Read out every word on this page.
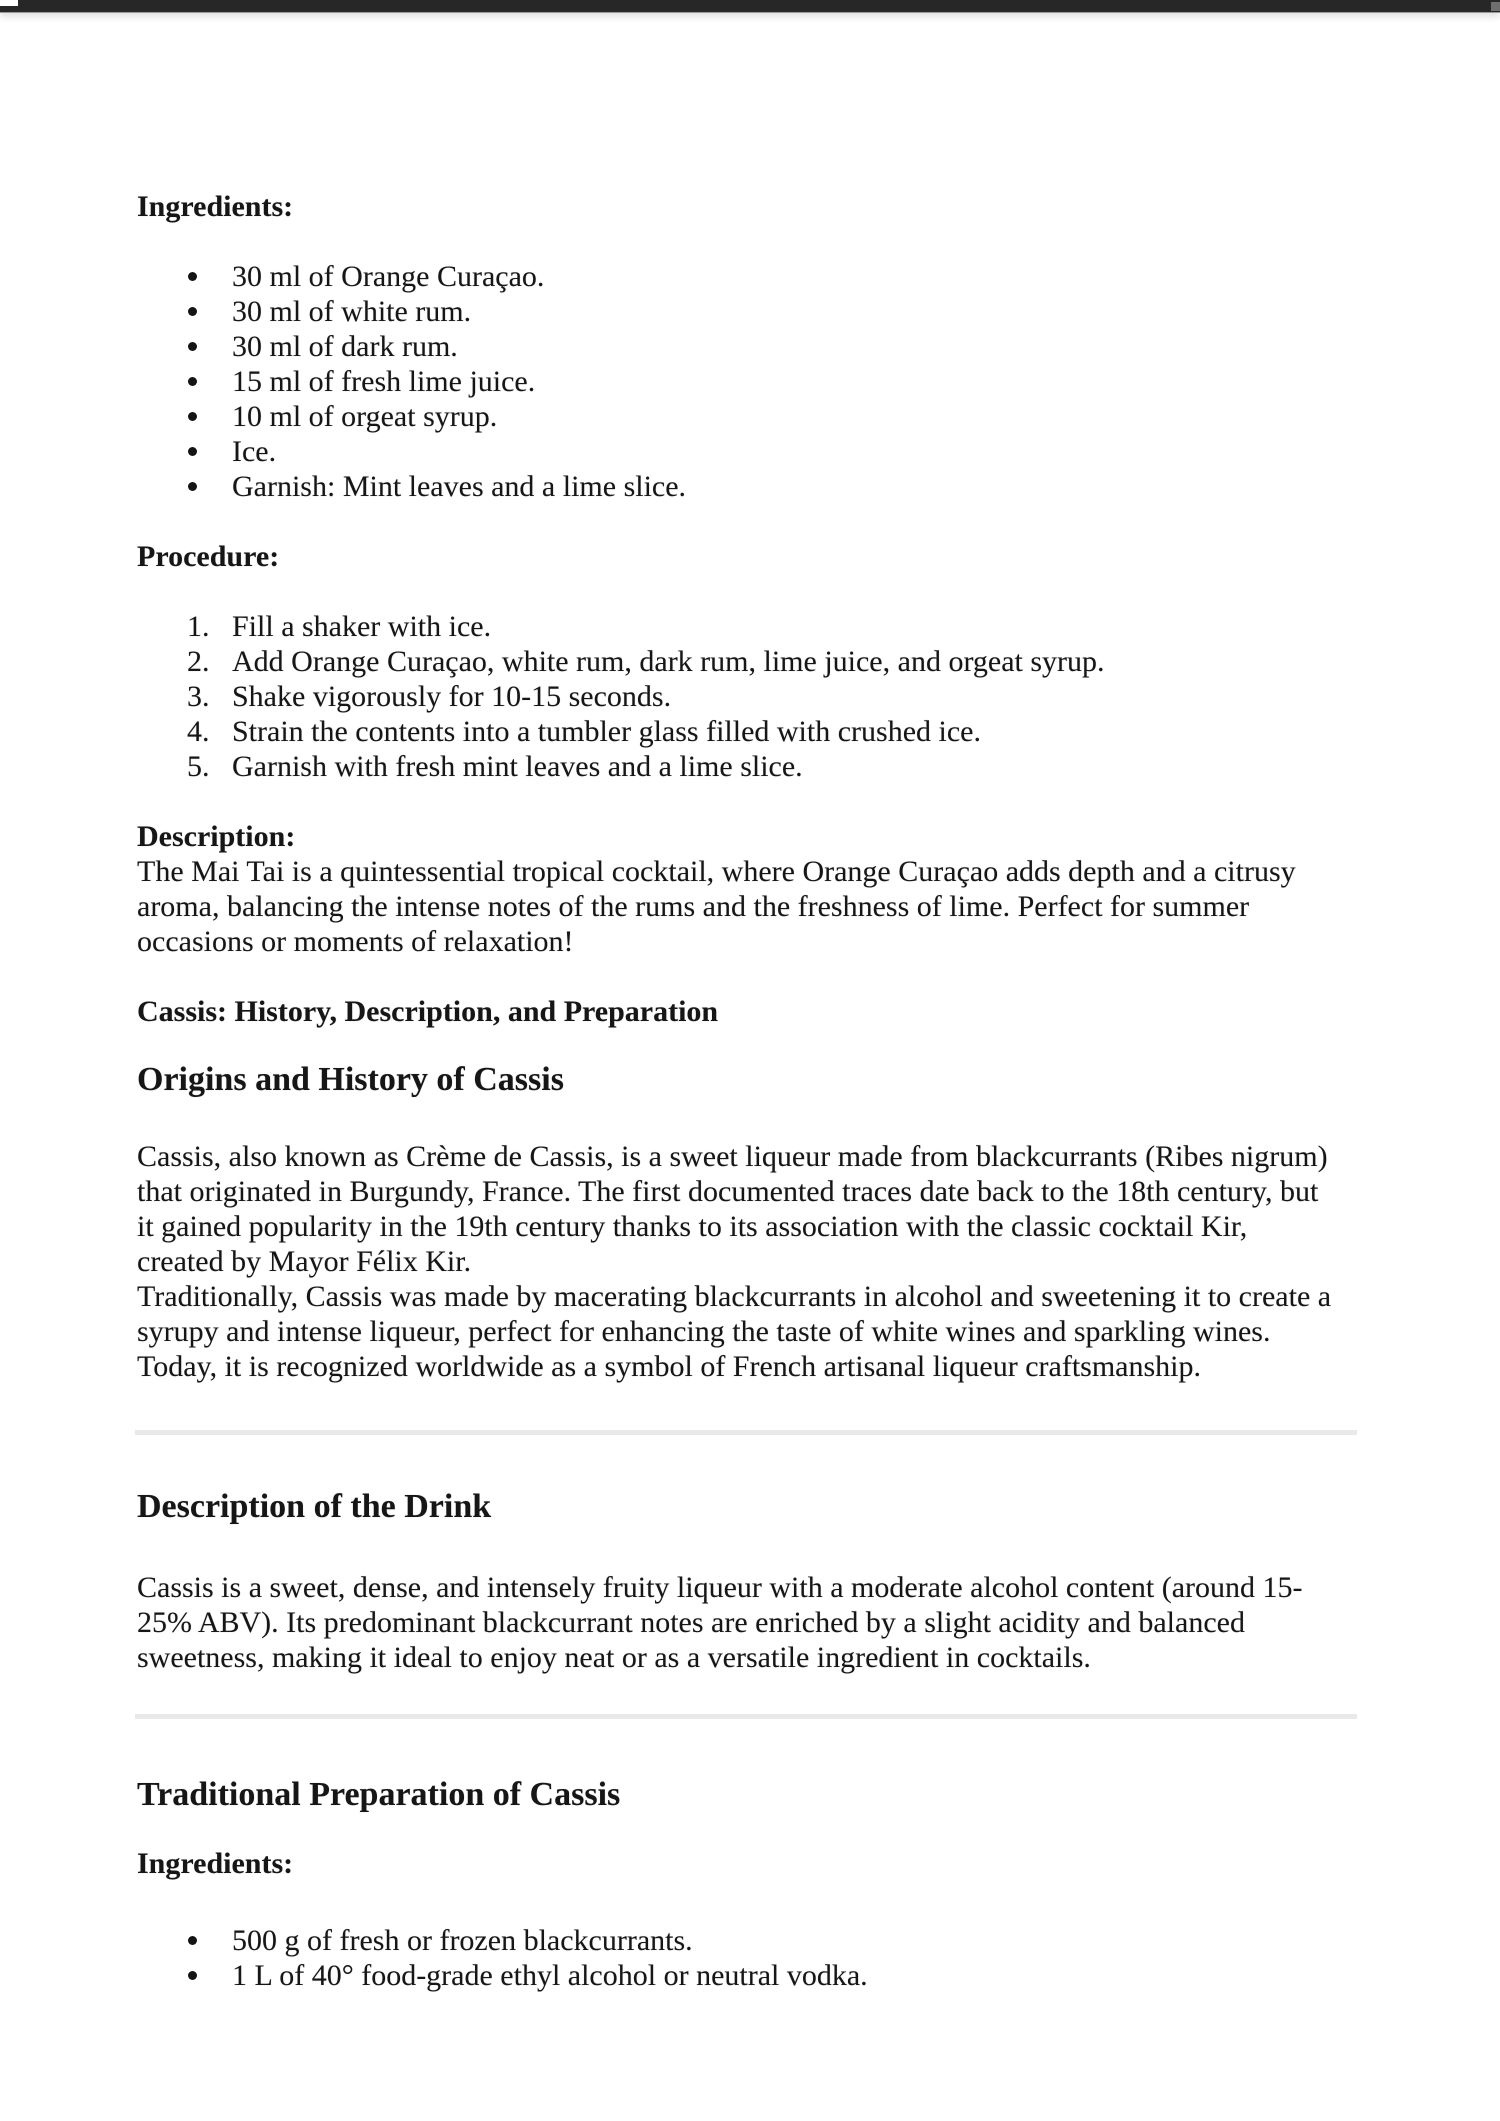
Ingredients:
30 ml of Orange Curaçao.
30 ml of white rum.
30 ml of dark rum.
15 ml of fresh lime juice.
10 ml of orgeat syrup.
Ice.
Garnish: Mint leaves and a lime slice.
Procedure:
1. Fill a shaker with ice.
2. Add Orange Curaçao, white rum, dark rum, lime juice, and orgeat syrup.
3. Shake vigorously for 10-15 seconds.
4. Strain the contents into a tumbler glass filled with crushed ice.
5. Garnish with fresh mint leaves and a lime slice.
Description:
The Mai Tai is a quintessential tropical cocktail, where Orange Curaçao adds depth and a citrusy
aroma, balancing the intense notes of the rums and the freshness of lime. Perfect for summer
occasions or moments of relaxation!
Cassis: History, Description, and Preparation
Origins and History of Cassis
Cassis, also known as Crème de Cassis, is a sweet liqueur made from blackcurrants (Ribes nigrum)
that originated in Burgundy, France. The first documented traces date back to the 18th century, but
it gained popularity in the 19th century thanks to its association with the classic cocktail Kir,
created by Mayor Félix Kir.
Traditionally, Cassis was made by macerating blackcurrants in alcohol and sweetening it to create a
syrupy and intense liqueur, perfect for enhancing the taste of white wines and sparkling wines.
Today, it is recognized worldwide as a symbol of French artisanal liqueur craftsmanship.
Description of the Drink
Cassis is a sweet, dense, and intensely fruity liqueur with a moderate alcohol content (around 15-
25% ABV). Its predominant blackcurrant notes are enriched by a slight acidity and balanced
sweetness, making it ideal to enjoy neat or as a versatile ingredient in cocktails.
Traditional Preparation of Cassis
Ingredients:
500 g of fresh or frozen blackcurrants.
1 L of 40° food-grade ethyl alcohol or neutral vodka.
